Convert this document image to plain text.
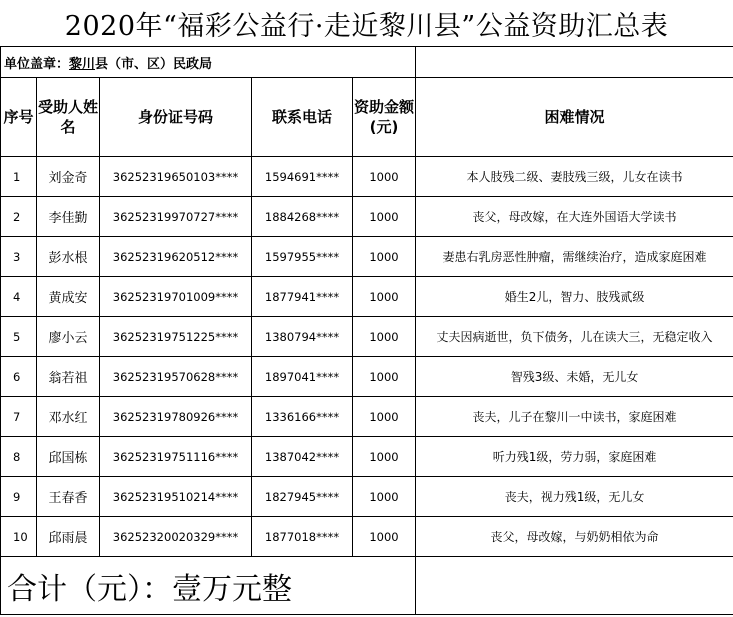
2020年“福彩公益行·走近黎川县”公益资助汇总表
单位盖章：黎川县（市、区）民政局					
序号	受助人姓名	身份证号码	联系电话	资助金额(元)	困难情况
1	刘金奇	36252319650103****	1594691****	1000	本人肢残二级、妻肢残三级，儿女在读书
2	李佳勤	36252319970727****	1884268****	1000	丧父，母改嫁，在大连外国语大学读书
3	彭水根	36252319620512****	1597955****	1000	妻患右乳房恶性肿瘤，需继续治疗，造成家庭困难
4	黄成安	36252319701009****	1877941****	1000	婚生2儿，智力、肢残贰级
5	廖小云	36252319751225****	1380794****	1000	丈夫因病逝世，负下债务，儿在读大三，无稳定收入
6	翁若祖	36252319570628****	1897041****	1000	智残3级、未婚，无儿女
7	邓水红	36252319780926****	1336166****	1000	丧夫，儿子在黎川一中读书，家庭困难
8	邱国栋	36252319751116****	1387042****	1000	听力残1级，劳力弱，家庭困难
9	王春香	36252319510214****	1827945****	1000	丧夫，视力残1级，无儿女
10	邱雨晨	36252320020329****	1877018****	1000	丧父，母改嫁，与奶奶相依为命
合计（元）：壹万元整					
